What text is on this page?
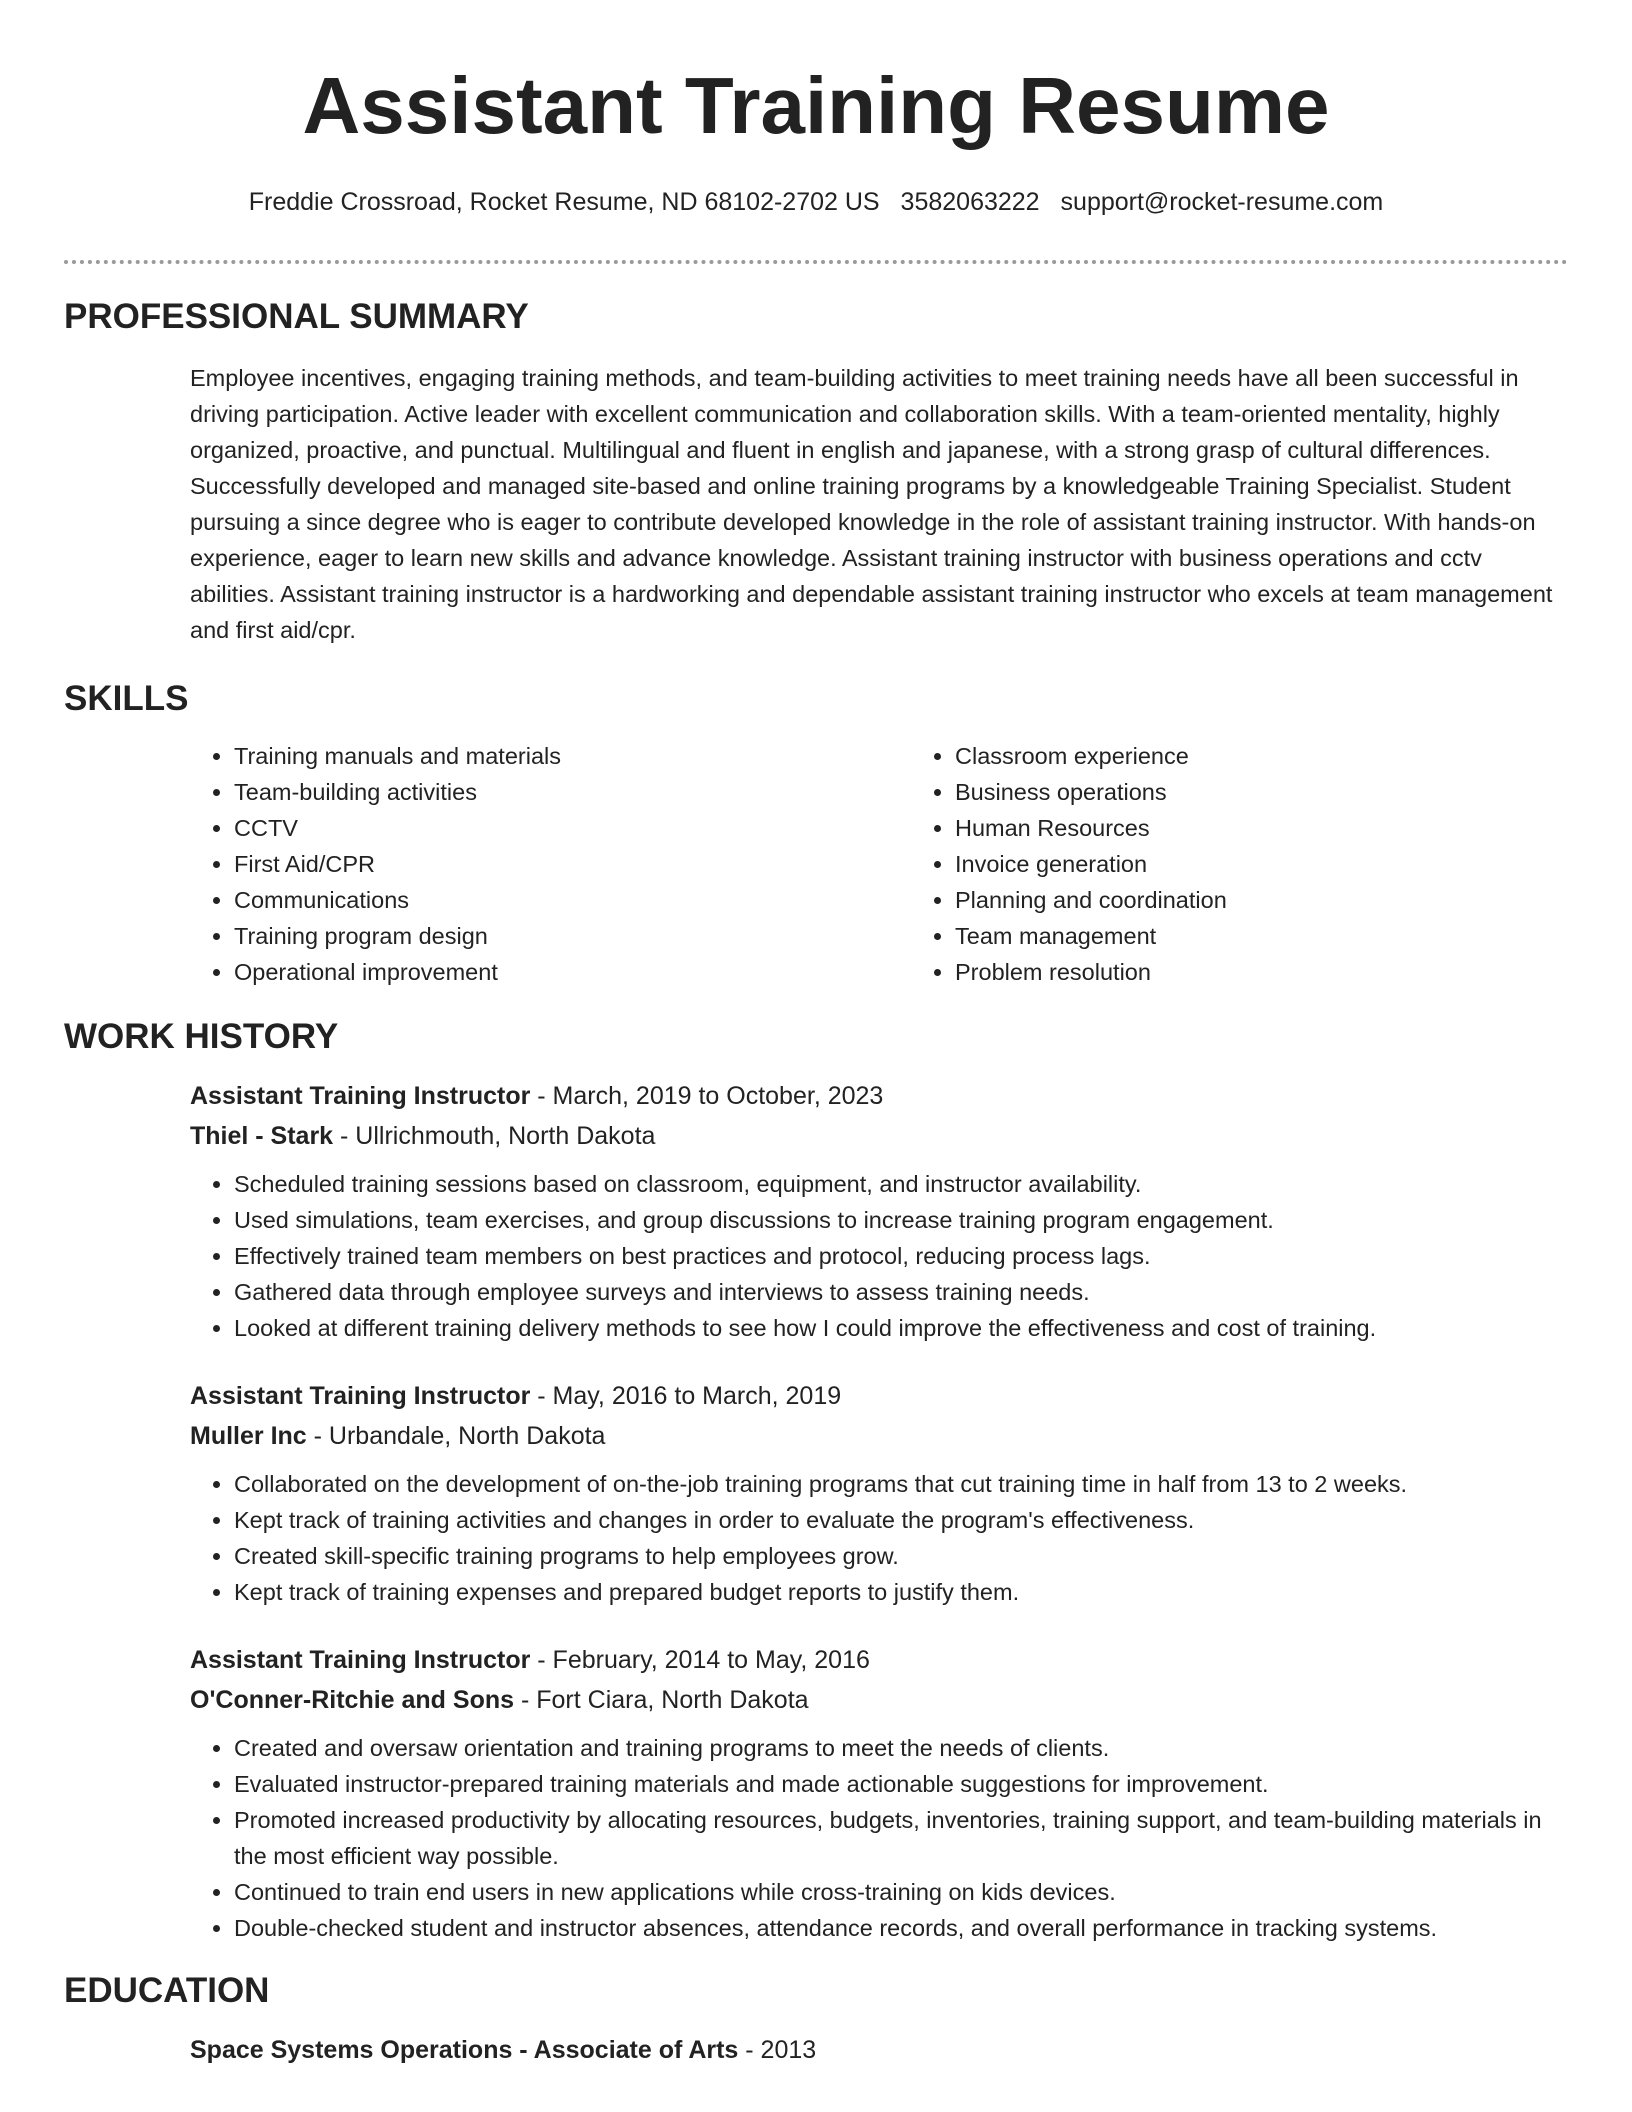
Assistant Training Resume
Freddie Crossroad, Rocket Resume, ND 68102-2702 US 3582063222 support@rocket-resume.com
PROFESSIONAL SUMMARY

Employee incentives, engaging training methods, and team-building activities to meet training needs have all been successful in driving participation. Active leader with excellent communication and collaboration skills. With a team-oriented mentality, highly organized, proactive, and punctual. Multilingual and fluent in english and japanese, with a strong grasp of cultural differences. Successfully developed and managed site-based and online training programs by a knowledgeable Training Specialist. Student pursuing a since degree who is eager to contribute developed knowledge in the role of assistant training instructor. With hands-on experience, eager to learn new skills and advance knowledge. Assistant training instructor with business operations and cctv abilities. Assistant training instructor is a hardworking and dependable assistant training instructor who excels at team management and first aid/cpr.

SKILLS
• Training manuals and materials
• Team-building activities
• CCTV
• First Aid/CPR
• Communications
• Training program design
• Operational improvement
• Classroom experience
• Business operations
• Human Resources
• Invoice generation
• Planning and coordination
• Team management
• Problem resolution
WORK HISTORY
Assistant Training Instructor - March, 2019 to October, 2023
Thiel - Stark - Ullrichmouth, North Dakota
• Scheduled training sessions based on classroom, equipment, and instructor availability.
• Used simulations, team exercises, and group discussions to increase training program engagement.
• Effectively trained team members on best practices and protocol, reducing process lags.
• Gathered data through employee surveys and interviews to assess training needs.
• Looked at different training delivery methods to see how I could improve the effectiveness and cost of training.
Assistant Training Instructor - May, 2016 to March, 2019
Muller Inc - Urbandale, North Dakota
• Collaborated on the development of on-the-job training programs that cut training time in half from 13 to 2 weeks.
• Kept track of training activities and changes in order to evaluate the program's effectiveness.
• Created skill-specific training programs to help employees grow.
• Kept track of training expenses and prepared budget reports to justify them.
Assistant Training Instructor - February, 2014 to May, 2016
O'Conner-Ritchie and Sons - Fort Ciara, North Dakota
• Created and oversaw orientation and training programs to meet the needs of clients.
• Evaluated instructor-prepared training materials and made actionable suggestions for improvement.
• Promoted increased productivity by allocating resources, budgets, inventories, training support, and team-building materials in the most efficient way possible.
• Continued to train end users in new applications while cross-training on kids devices.
• Double-checked student and instructor absences, attendance records, and overall performance in tracking systems.
EDUCATION
Space Systems Operations - Associate of Arts - 2013
